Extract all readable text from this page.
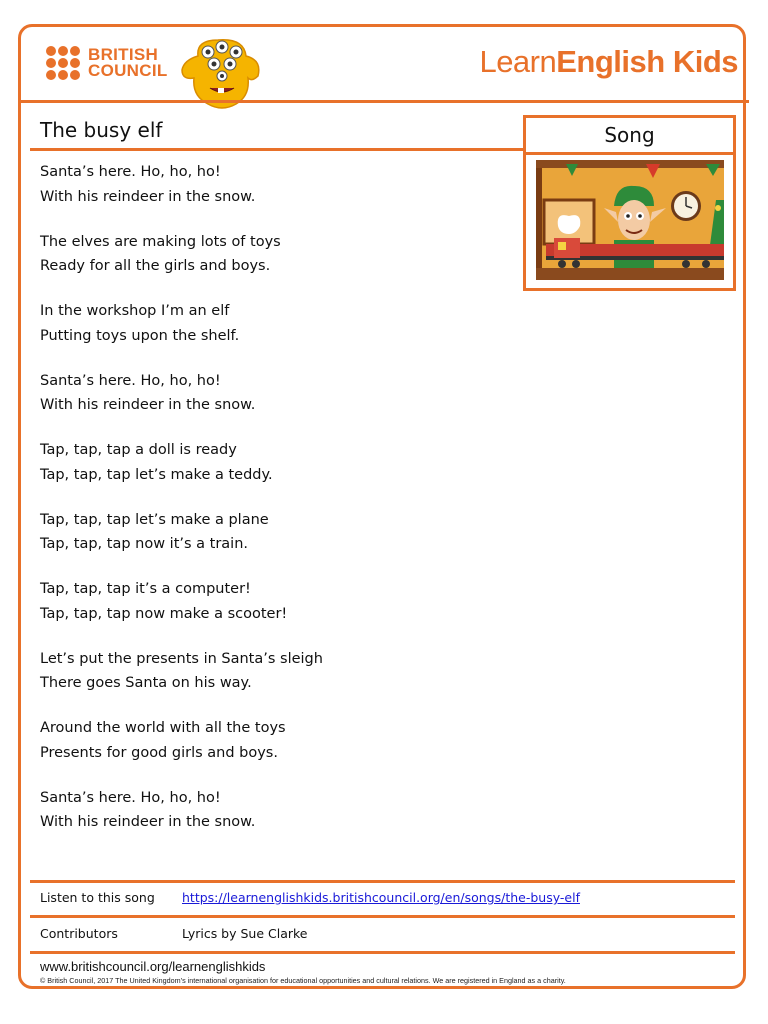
BRITISH
COUNCIL	LearnEnglish Kids
The busy elf	Song
Santa’s here. Ho, ho, ho!
With his reindeer in the snow.
The elves are making lots of toys
Ready for all the girls and boys.
In the workshop I’m an elf
Putting toys upon the shelf.
Santa’s here. Ho, ho, ho!
With his reindeer in the snow.
Tap, tap, tap a doll is ready
Tap, tap, tap let’s make a teddy.
Tap, tap, tap let’s make a plane
Tap, tap, tap now it’s a train.
Tap, tap, tap it’s a computer!
Tap, tap, tap now make a scooter!
Let’s put the presents in Santa’s sleigh
There goes Santa on his way.
Around the world with all the toys
Presents for good girls and boys.
Santa’s here. Ho, ho, ho!
With his reindeer in the snow.
Listen to this song https://learnenglishkids.britishcouncil.org/en/songs/the-busy-elf
Contributors	Lyrics by Sue Clarke
www.britishcouncil.org/learnenglishkids
© British Council, 2017 The United Kingdom’s international organisation for educational opportunities and cultural relations. We are registered in England as a charity.
